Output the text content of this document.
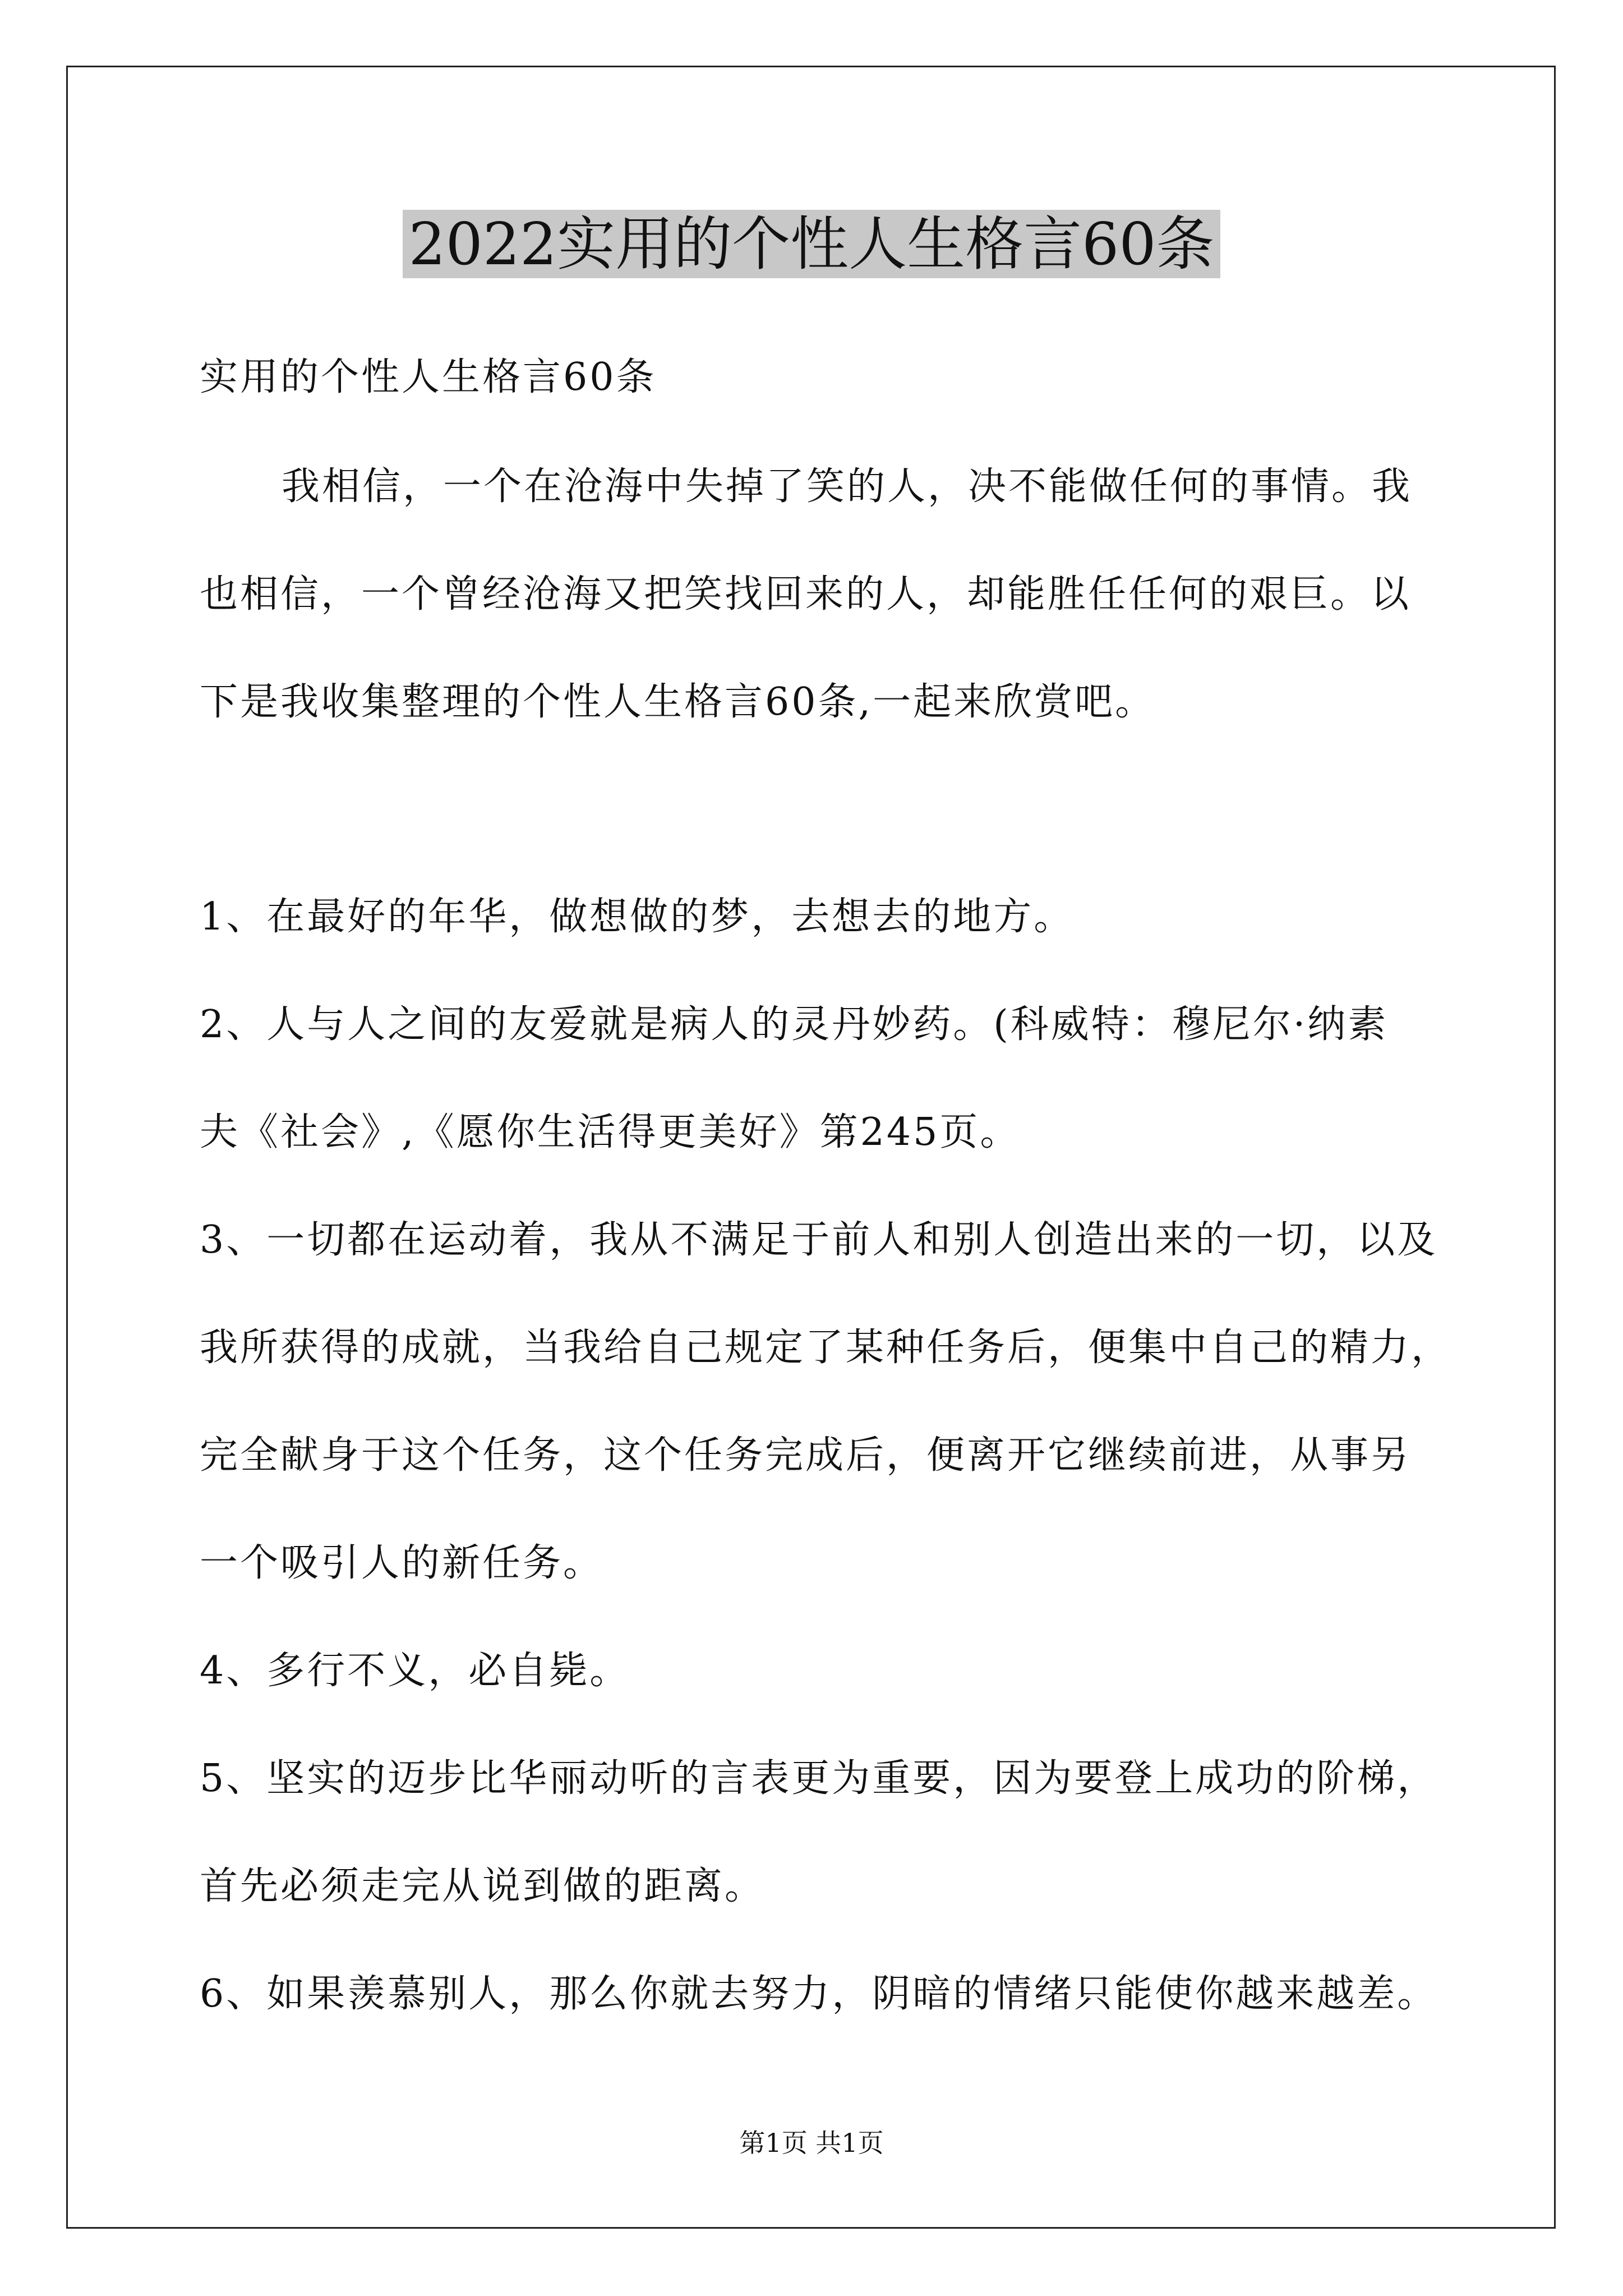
2022实用的个性人生格言60条
实用的个性人生格言60条
我相信，一个在沧海中失掉了笑的人，决不能做任何的事情。我
也相信，一个曾经沧海又把笑找回来的人，却能胜任任何的艰巨。以
下是我收集整理的个性人生格言60条,一起来欣赏吧。
1、在最好的年华，做想做的梦，去想去的地方。
2、人与人之间的友爱就是病人的灵丹妙药。(科威特：穆尼尔·纳素
夫《社会》,《愿你生活得更美好》第245页。
3、一切都在运动着，我从不满足于前人和别人创造出来的一切，以及
我所获得的成就，当我给自己规定了某种任务后，便集中自己的精力，
完全献身于这个任务，这个任务完成后，便离开它继续前进，从事另
一个吸引人的新任务。
4、多行不义，必自毙。
5、坚实的迈步比华丽动听的言表更为重要，因为要登上成功的阶梯，
首先必须走完从说到做的距离。
6、如果羡慕别人，那么你就去努力，阴暗的情绪只能使你越来越差。
第1页 共1页
